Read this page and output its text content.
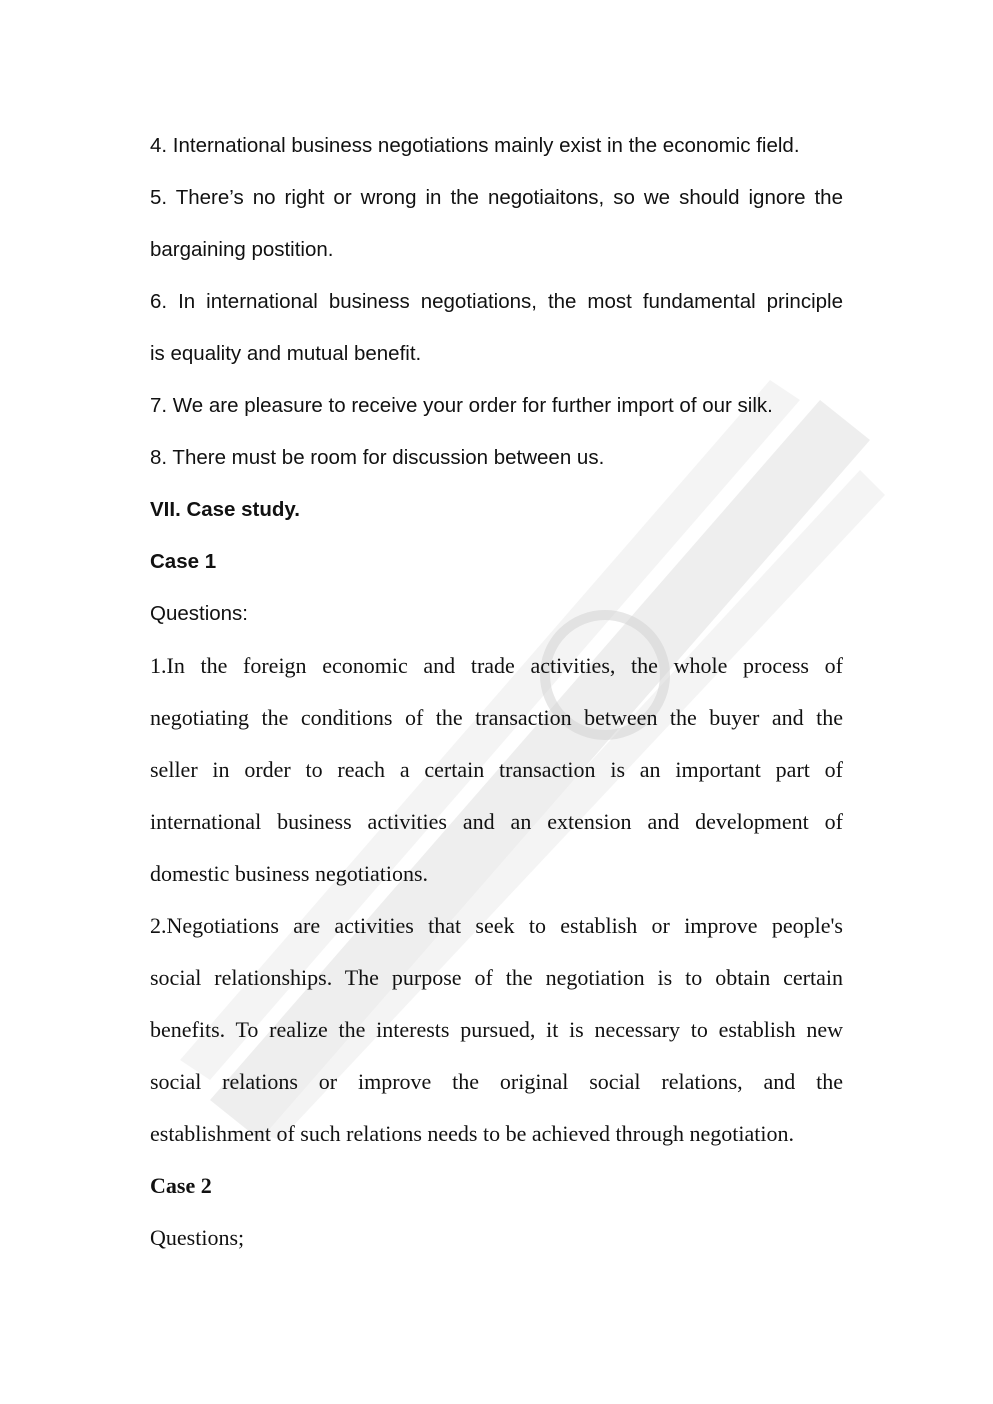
4. International business negotiations mainly exist in the economic field.

5. There’s no right or wrong in the negotiaitons, so we should ignore the

bargaining postition.

6. In international business negotiations, the most fundamental principle

is equality and mutual benefit.

7. We are pleasure to receive your order for further import of our silk.

8. There must be room for discussion between us.

VII. Case study.

Case 1

Questions:

1.In the foreign economic and trade activities, the whole process of

negotiating the conditions of the transaction between the buyer and the

seller in order to reach a certain transaction is an important part of

international business activities and an extension and development of

domestic business negotiations.

2.Negotiations are activities that seek to establish or improve people's

social relationships. The purpose of the negotiation is to obtain certain

benefits. To realize the interests pursued, it is necessary to establish new

social relations or improve the original social relations, and the

establishment of such relations needs to be achieved through negotiation.

Case 2

Questions;
